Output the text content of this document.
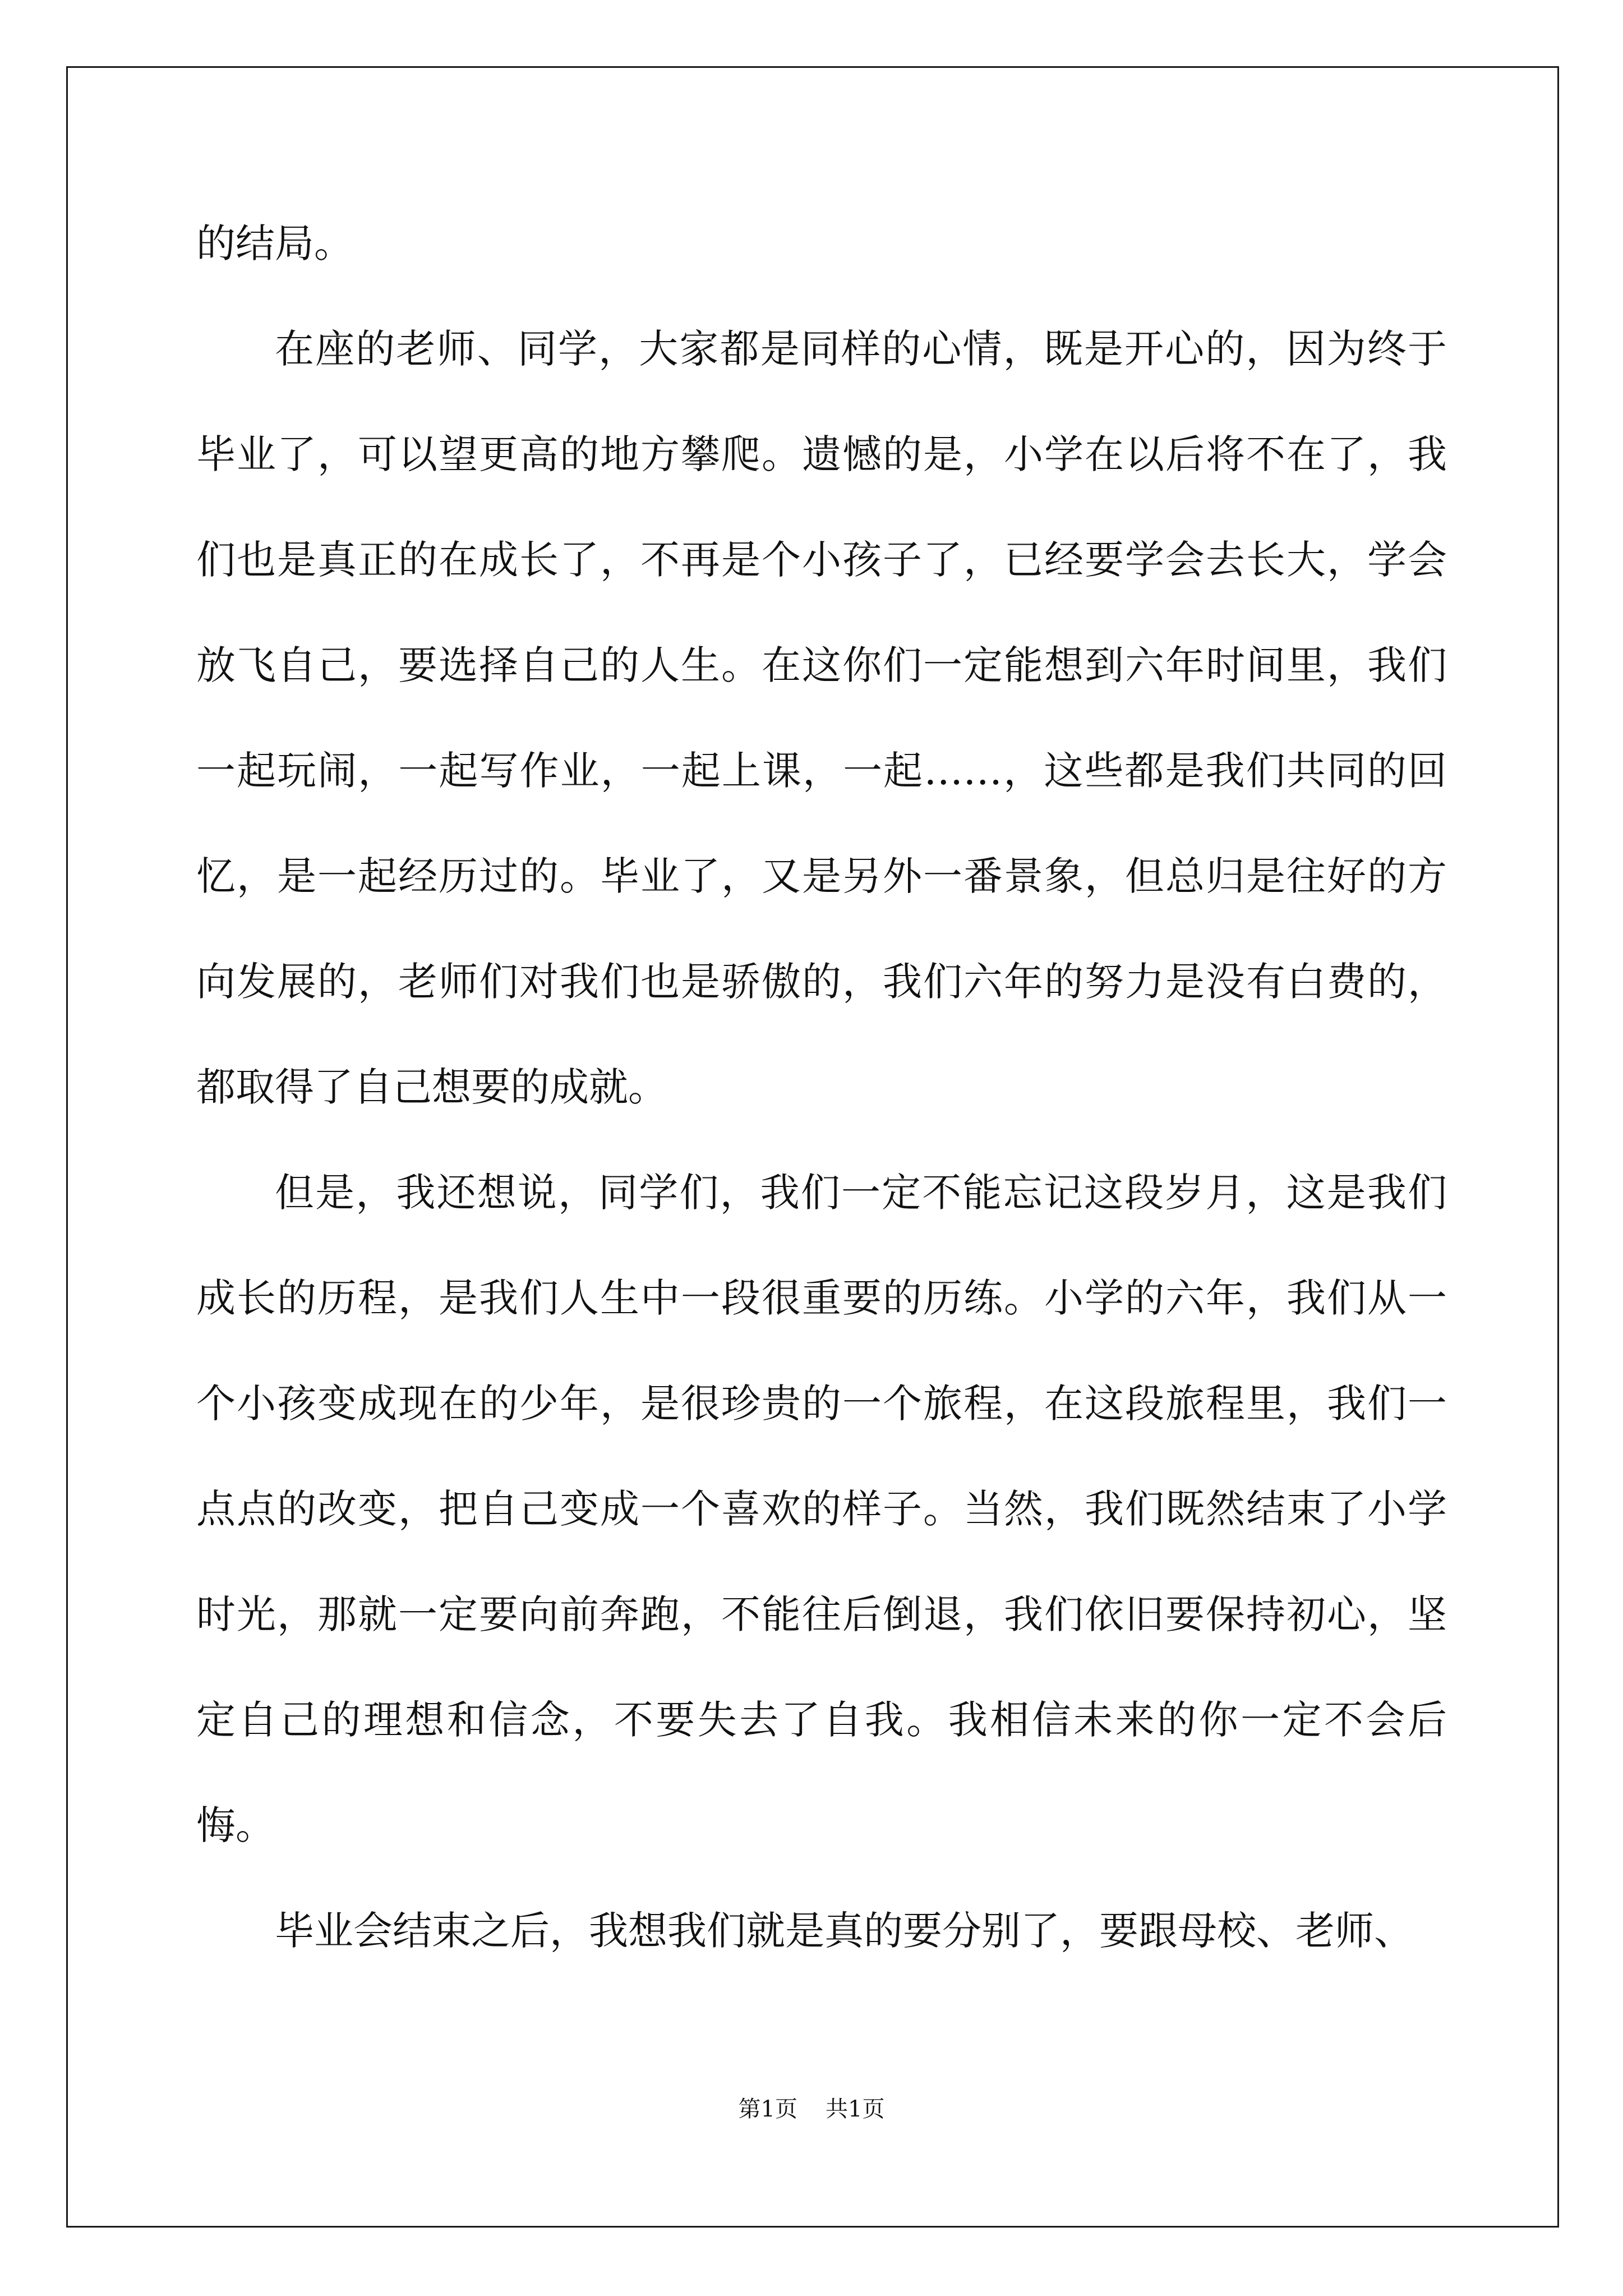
的结局。

在座的老师、同学，大家都是同样的心情，既是开心的，因为终于毕业了，可以望更高的地方攀爬。遗憾的是，小学在以后将不在了，我们也是真正的在成长了，不再是个小孩子了，已经要学会去长大，学会放飞自己，要选择自己的人生。在这你们一定能想到六年时间里，我们一起玩闹，一起写作业，一起上课，一起……，这些都是我们共同的回忆，是一起经历过的。毕业了，又是另外一番景象，但总归是往好的方向发展的，老师们对我们也是骄傲的，我们六年的努力是没有白费的，都取得了自己想要的成就。

但是，我还想说，同学们，我们一定不能忘记这段岁月，这是我们成长的历程，是我们人生中一段很重要的历练。小学的六年，我们从一个小孩变成现在的少年，是很珍贵的一个旅程，在这段旅程里，我们一点点的改变，把自己变成一个喜欢的样子。当然，我们既然结束了小学时光，那就一定要向前奔跑，不能往后倒退，我们依旧要保持初心，坚定自己的理想和信念，不要失去了自我。我相信未来的你一定不会后悔。

毕业会结束之后，我想我们就是真的要分别了，要跟母校、老师、

第1页 共1页
